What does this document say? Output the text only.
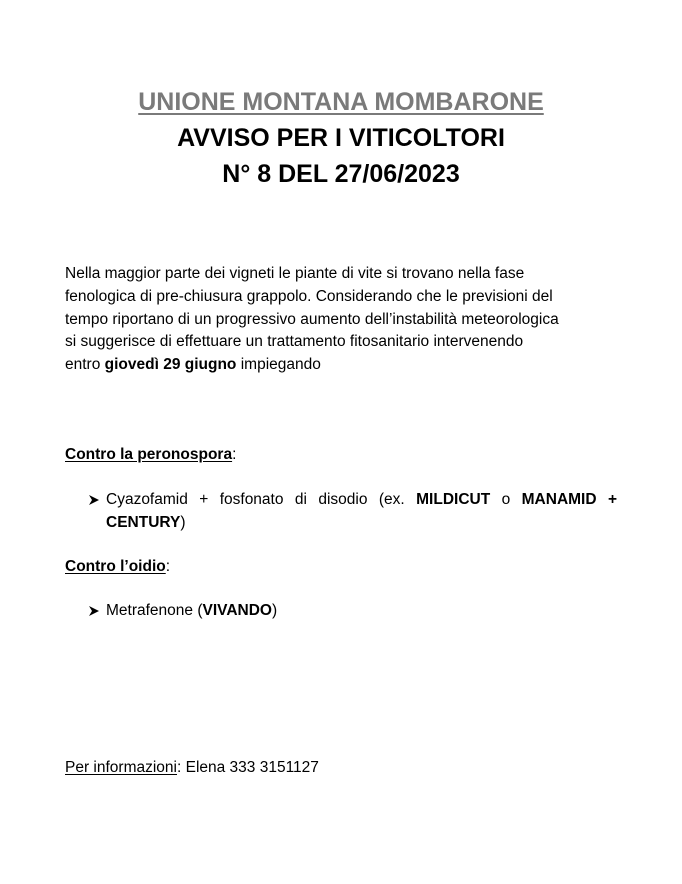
UNIONE MONTANA MOMBARONE
AVVISO PER I VITICOLTORI
N° 8 DEL 27/06/2023
Nella maggior parte dei vigneti le piante di vite si trovano nella fase
fenologica di pre-chiusura grappolo. Considerando che le previsioni del
tempo riportano di un progressivo aumento dell’instabilità meteorologica
si suggerisce di effettuare un trattamento fitosanitario intervenendo
entro giovedì 29 giugno impiegando
Contro la peronospora:
Cyazofamid + fosfonato di disodio (ex. MILDICUT o MANAMID + CENTURY)
Contro l’oidio:
Metrafenone (VIVANDO)
Per informazioni: Elena 333 3151127
